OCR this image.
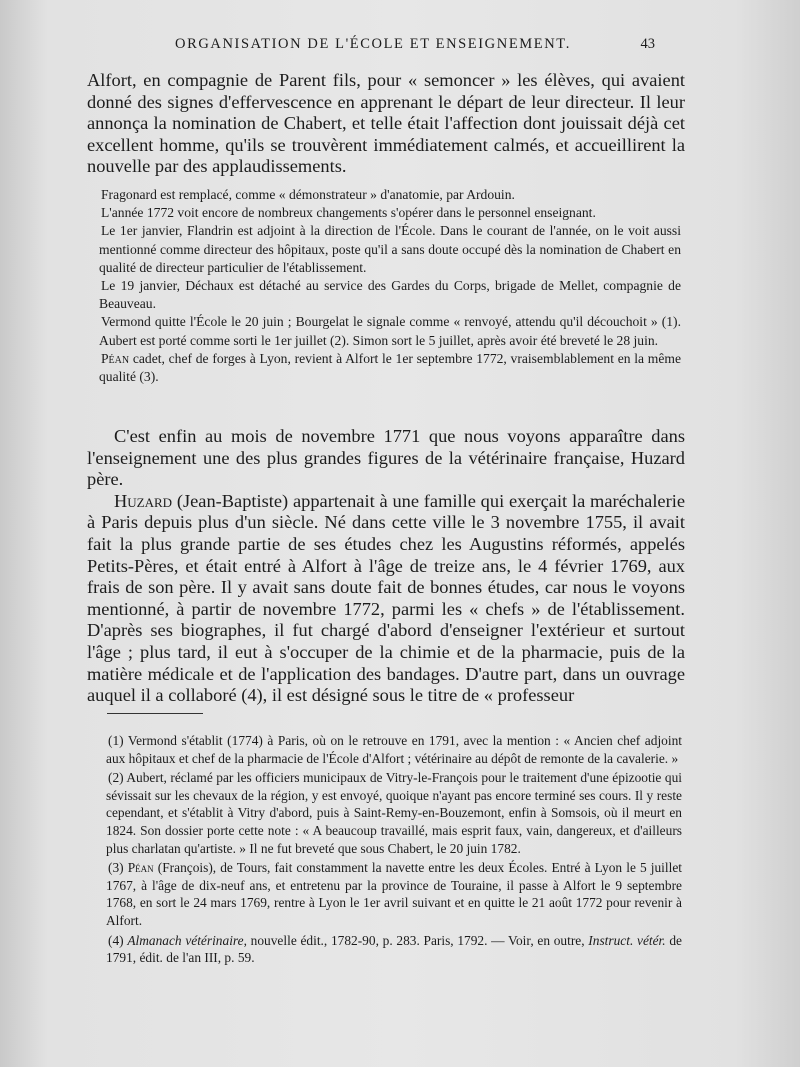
ORGANISATION DE L'ÉCOLE ET ENSEIGNEMENT.	43

Alfort, en compagnie de Parent fils, pour « semoncer » les élèves, qui avaient donné des signes d'effervescence en apprenant le départ de leur directeur. Il leur annonça la nomination de Chabert, et telle était l'affection dont jouissait déjà cet excellent homme, qu'ils se trouvèrent immédiatement calmés, et accueillirent la nouvelle par des applaudissements.

Fragonard est remplacé, comme « démonstrateur » d'anatomie, par Ardouin.

L'année 1772 voit encore de nombreux changements s'opérer dans le personnel enseignant.

Le 1er janvier, Flandrin est adjoint à la direction de l'École. Dans le courant de l'année, on le voit aussi mentionné comme directeur des hôpitaux, poste qu'il a sans doute occupé dès la nomination de Chabert en qualité de directeur particulier de l'établissement.

Le 19 janvier, Déchaux est détaché au service des Gardes du Corps, brigade de Mellet, compagnie de Beauveau.

Vermond quitte l'École le 20 juin ; Bourgelat le signale comme « renvoyé, attendu qu'il découchoit » (1). Aubert est porté comme sorti le 1er juillet (2). Simon sort le 5 juillet, après avoir été breveté le 28 juin.

Péan cadet, chef de forges à Lyon, revient à Alfort le 1er septembre 1772, vraisemblablement en la même qualité (3).

C'est enfin au mois de novembre 1771 que nous voyons apparaître dans l'enseignement une des plus grandes figures de la vétérinaire française, Huzard père.

Huzard (Jean-Baptiste) appartenait à une famille qui exerçait la maréchalerie à Paris depuis plus d'un siècle. Né dans cette ville le 3 novembre 1755, il avait fait la plus grande partie de ses études chez les Augustins réformés, appelés Petits-Pères, et était entré à Alfort à l'âge de treize ans, le 4 février 1769, aux frais de son père. Il y avait sans doute fait de bonnes études, car nous le voyons mentionné, à partir de novembre 1772, parmi les « chefs » de l'établissement. D'après ses biographes, il fut chargé d'abord d'enseigner l'extérieur et surtout l'âge ; plus tard, il eut à s'occuper de la chimie et de la pharmacie, puis de la matière médicale et de l'application des bandages. D'autre part, dans un ouvrage auquel il a collaboré (4), il est désigné sous le titre de « professeur

(1) Vermond s'établit (1774) à Paris, où on le retrouve en 1791, avec la mention : « Ancien chef adjoint aux hôpitaux et chef de la pharmacie de l'École d'Alfort ; vétérinaire au dépôt de remonte de la cavalerie. »

(2) Aubert, réclamé par les officiers municipaux de Vitry-le-François pour le traitement d'une épizootie qui sévissait sur les chevaux de la région, y est envoyé, quoique n'ayant pas encore terminé ses cours. Il y reste cependant, et s'établit à Vitry d'abord, puis à Saint-Remy-en-Bouzemont, enfin à Somsois, où il meurt en 1824. Son dossier porte cette note : « A beaucoup travaillé, mais esprit faux, vain, dangereux, et d'ailleurs plus charlatan qu'artiste. » Il ne fut breveté que sous Chabert, le 20 juin 1782.

(3) Péan (François), de Tours, fait constamment la navette entre les deux Écoles. Entré à Lyon le 5 juillet 1767, à l'âge de dix-neuf ans, et entretenu par la province de Touraine, il passe à Alfort le 9 septembre 1768, en sort le 24 mars 1769, rentre à Lyon le 1er avril suivant et en quitte le 21 août 1772 pour revenir à Alfort.

(4) Almanach vétérinaire, nouvelle édit., 1782-90, p. 283. Paris, 1792. — Voir, en outre, Instruct. vétér. de 1791, édit. de l'an III, p. 59.
